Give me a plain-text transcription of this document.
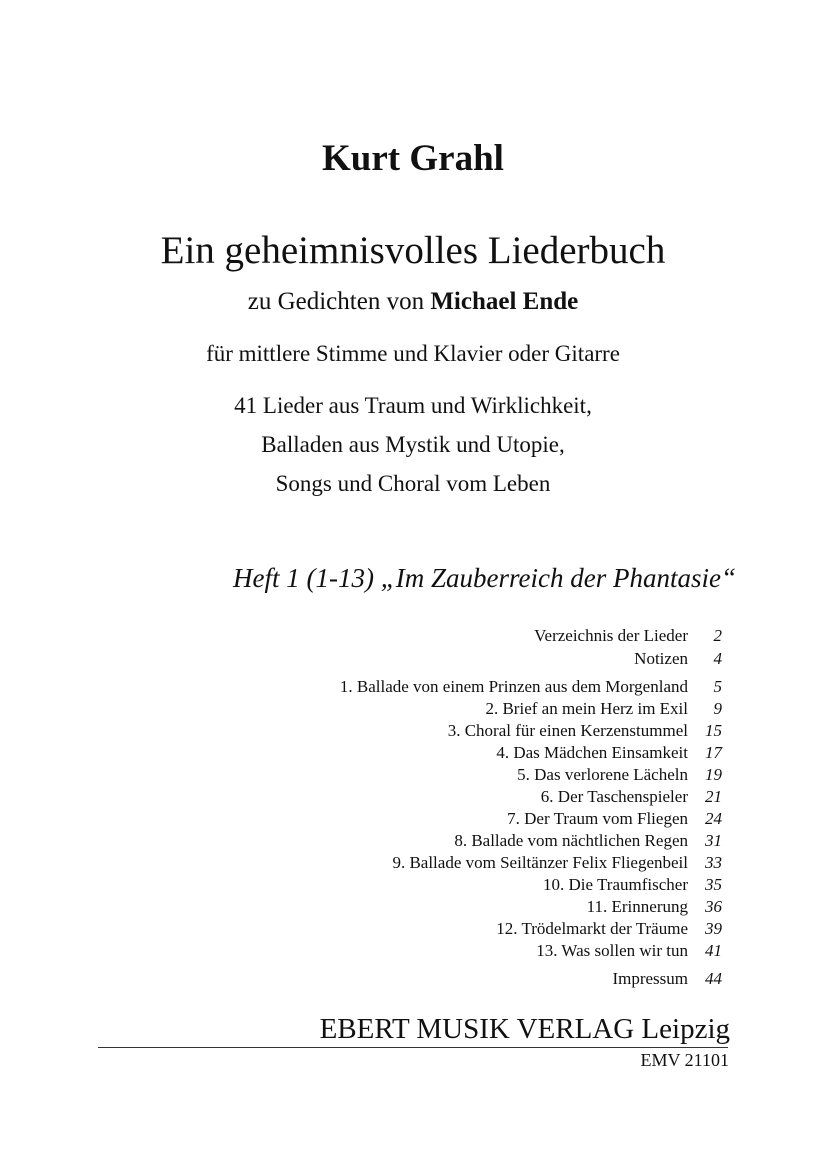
Kurt Grahl
Ein geheimnisvolles Liederbuch
zu Gedichten von Michael Ende
für mittlere Stimme und Klavier oder Gitarre
41 Lieder aus Traum und Wirklichkeit,
Balladen aus Mystik und Utopie,
Songs und Choral vom Leben
Heft 1 (1-13) „Im Zauberreich der Phantasie“
Verzeichnis der Lieder	2
Notizen	4
1. Ballade von einem Prinzen aus dem Morgenland	5
2. Brief an mein Herz im Exil	9
3. Choral für einen Kerzenstummel	15
4. Das Mädchen Einsamkeit	17
5. Das verlorene Lächeln	19
6. Der Taschenspieler	21
7. Der Traum vom Fliegen	24
8. Ballade vom nächtlichen Regen	31
9. Ballade vom Seiltänzer Felix Fliegenbeil	33
10. Die Traumfischer	35
11. Erinnerung	36
12. Trödelmarkt der Träume	39
13. Was sollen wir tun	41
Impressum	44
EBERT MUSIK VERLAG Leipzig
EMV 21101
